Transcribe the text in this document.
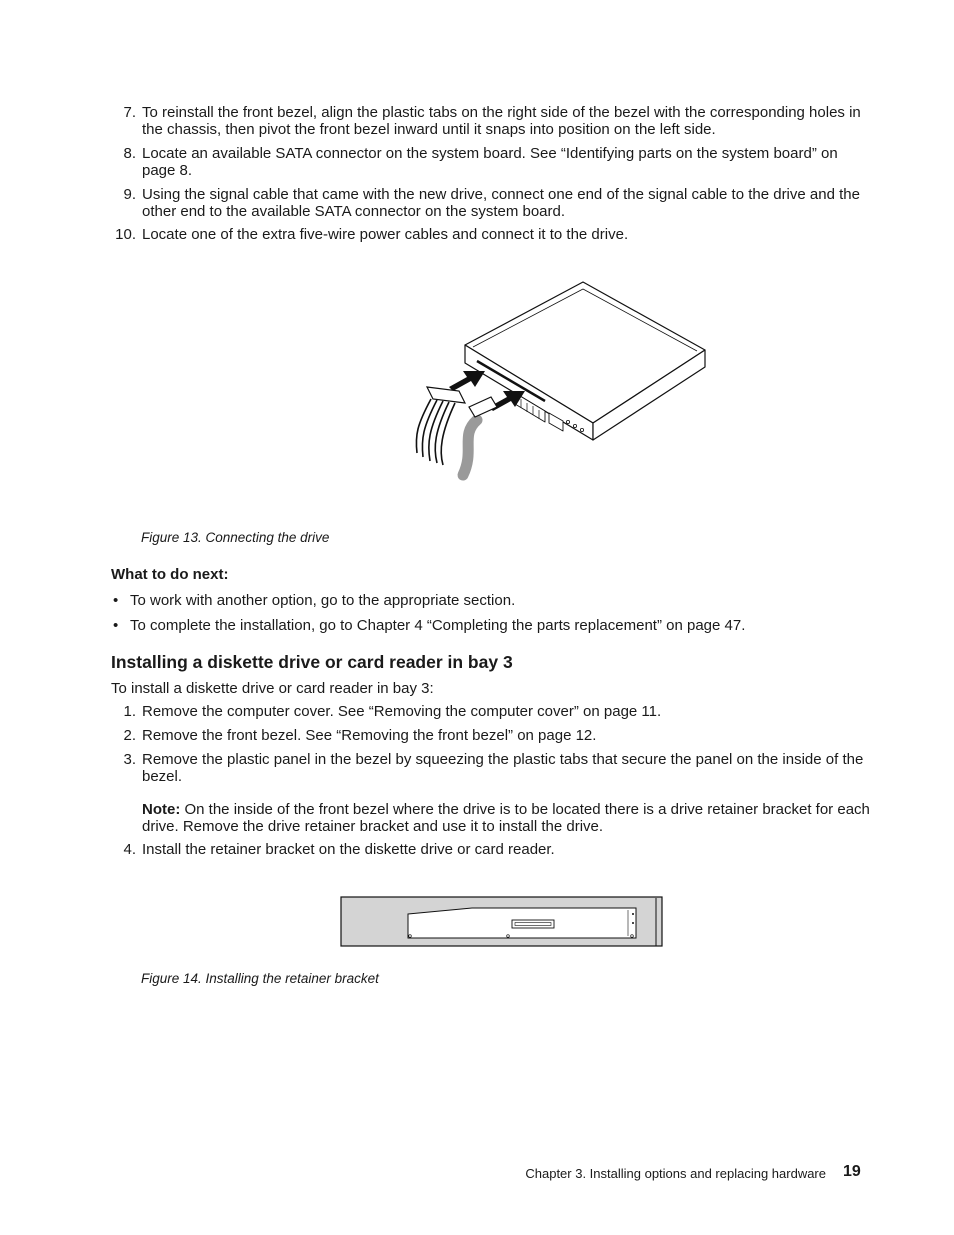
7. To reinstall the front bezel, align the plastic tabs on the right side of the bezel with the corresponding holes in the chassis, then pivot the front bezel inward until it snaps into position on the left side.
8. Locate an available SATA connector on the system board. See “Identifying parts on the system board” on page 8.
9. Using the signal cable that came with the new drive, connect one end of the signal cable to the drive and the other end to the available SATA connector on the system board.
10. Locate one of the extra five-wire power cables and connect it to the drive.
Figure 13. Connecting the drive
What to do next:
• To work with another option, go to the appropriate section.
• To complete the installation, go to Chapter 4 “Completing the parts replacement” on page 47.
Installing a diskette drive or card reader in bay 3
To install a diskette drive or card reader in bay 3:
1. Remove the computer cover. See “Removing the computer cover” on page 11.
2. Remove the front bezel. See “Removing the front bezel” on page 12.
3. Remove the plastic panel in the bezel by squeezing the plastic tabs that secure the panel on the inside of the bezel.
Note: On the inside of the front bezel where the drive is to be located there is a drive retainer bracket for each drive. Remove the drive retainer bracket and use it to install the drive.
4. Install the retainer bracket on the diskette drive or card reader.
Figure 14. Installing the retainer bracket
Chapter 3. Installing options and replacing hardware 19
